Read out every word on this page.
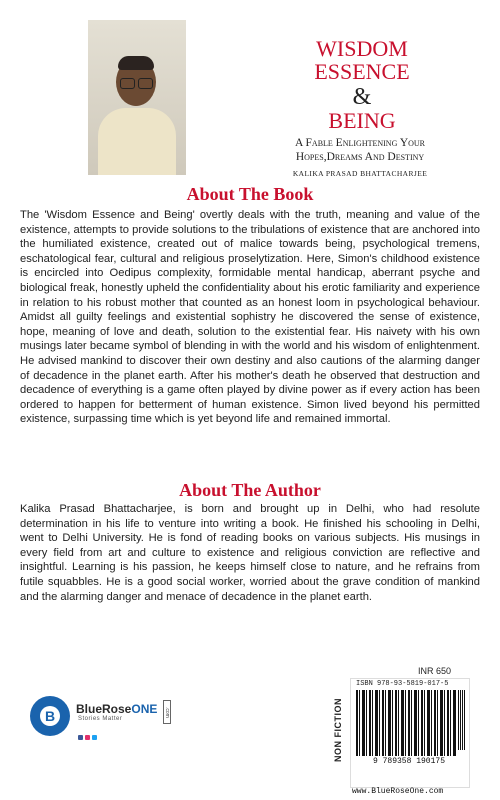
WISDOM
ESSENCE
&
BEING
A Fable Enlightening Your
Hopes,Dreams And Destiny
KALIKA PRASAD BHATTACHARJEE
About The Book
The 'Wisdom Essence and Being' overtly deals with the truth, meaning and value of the existence, attempts to provide solutions to the tribulations of existence that are anchored into the humiliated existence, created out of malice towards being, psychological tremens, eschatological fear, cultural and religious proselytization. Here, Simon's childhood existence is encircled into Oedipus complexity, formidable mental handicap, aberrant psyche and biological freak, honestly upheld the confidentiality about his erotic familiarity and experience in relation to his robust mother that counted as an honest loom in psychological behaviour. Amidst all guilty feelings and existential sophistry he discovered the sense of existence, hope, meaning of love and death, solution to the existential fear. His naivety with his own musings later became symbol of blending in with the world and his wisdom of enlightenment. He advised mankind to discover their own destiny and also cautions of the alarming danger of decadence in the planet earth. After his mother's death he observed that destruction and decadence of everything is a game often played by divine power as if every action has been ordered to happen for betterment of human existence. Simon lived beyond his permitted existence, surpassing time which is yet beyond life and remained immortal.
About The Author
Kalika Prasad Bhattacharjee, is born and brought up in Delhi, who had resolute determination in his life to venture into writing a book. He finished his schooling in Delhi, went to Delhi University. He is fond of reading books on various subjects. His musings in every field from art and culture to existence and religious conviction are reflective and insightful. Learning is his passion, he keeps himself close to nature, and he refrains from futile squabbles. He is a good social worker, worried about the grave condition of mankind and the alarming danger and menace of decadence in the planet earth.
B BlueRoseONE
Stories Matter
.com
INR 650
NON FICTION
ISBN 978-93-5819-017-5
9 789358 190175
www.BlueRoseOne.com
